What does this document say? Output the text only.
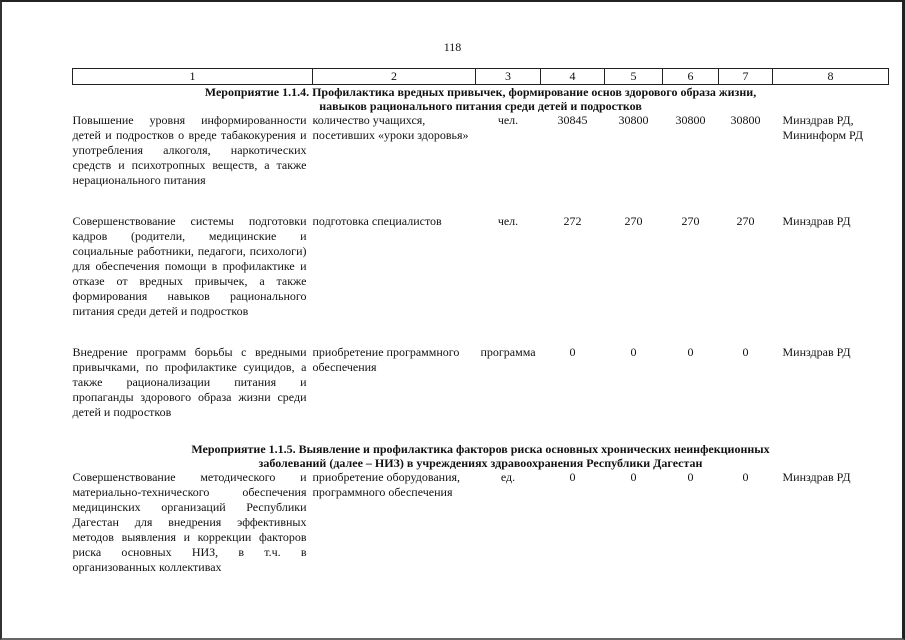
118
1	2	3	4	5	6	7	8

Мероприятие 1.1.4. Профилактика вредных привычек, формирование основ здорового образа жизни,
навыков рационального питания среди детей и подростков							

Повышение уровня информированности детей и подростков о вреде табакокурения и употребления алкоголя, наркотических средств и психотропных веществ, а также нерационального питания	количество учащихся, посетивших «уроки здоровья»	чел.	30845	30800	30800	30800	Минздрав РД, Мининформ РД

Совершенствование системы подготовки кадров (родители, медицинские и социальные работники, педагоги, психологи) для обеспечения помощи в профилактике и отказе от вредных привычек, а также формирования навыков рационального питания среди детей и подростков	подготовка специалистов	чел.	272	270	270	270	Минздрав РД

Внедрение программ борьбы с вредными привычками, по профилактике суицидов, а также рационализации питания и пропаганды здорового образа жизни среди детей и подростков	приобретение программного обеспечения	программа	0	0	0	0	Минздрав РД

Мероприятие 1.1.5. Выявление и профилактика факторов риска основных хронических неинфекционных
заболеваний (далее – НИЗ) в учреждениях здравоохранения Республики Дагестан							

Совершенствование методического и материально-технического обеспечения медицинских организаций Республики Дагестан для внедрения эффективных методов выявления и коррекции факторов риска основных НИЗ, в т.ч. в организованных коллективах	приобретение оборудования, программного обеспечения	ед.	0	0	0	0	Минздрав РД
